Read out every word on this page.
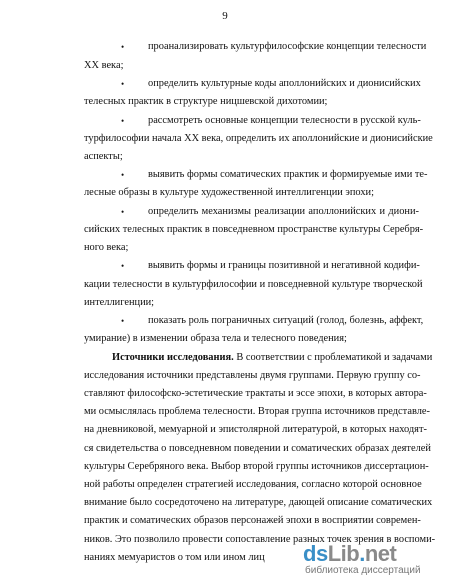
9
• проанализировать культурфилософские концепции телесности
XX века;
• определить культурные коды аполлонийских и дионисийских
телесных практик в структуре ницшевской дихотомии;
• рассмотреть основные концепции телесности в русской куль-
турфилософии начала XX века, определить их аполлонийские и дионисийские
аспекты;
• выявить формы соматических практик и формируемые ими те-
лесные образы в культуре художественной интеллигенции эпохи;
• определить механизмы реализации аполлонийских и диони-
сийских телесных практик в повседневном пространстве культуры Серебря-
ного века;
• выявить формы и границы позитивной и негативной кодифи-
кации телесности в культурфилософии и повседневной культуре творческой
интеллигенции;
• показать роль пограничных ситуаций (голод, болезнь, аффект,
умирание) в изменении образа тела и телесного поведения;
Источники исследования. В соответствии с проблематикой и задачами
исследования источники представлены двумя группами. Первую группу со-
ставляют философско-эстетические трактаты и эссе эпохи, в которых автора-
ми осмыслялась проблема телесности. Вторая группа источников представле-
на дневниковой, мемуарной и эпистолярной литературой, в которых находят-
ся свидетельства о повседневном поведении и соматических образах деятелей
культуры Серебряного века. Выбор второй группы источников диссертацион-
ной работы определен стратегией исследования, согласно которой основное
внимание было сосредоточено на литературе, дающей описание соматических
практик и соматических образов персонажей эпохи в восприятии современ-
ников. Это позволило провести сопоставление разных точек зрения в воспоми-
наниях мемуаристов о том или ином лиц dsLib.net
библиотека диссертаций
